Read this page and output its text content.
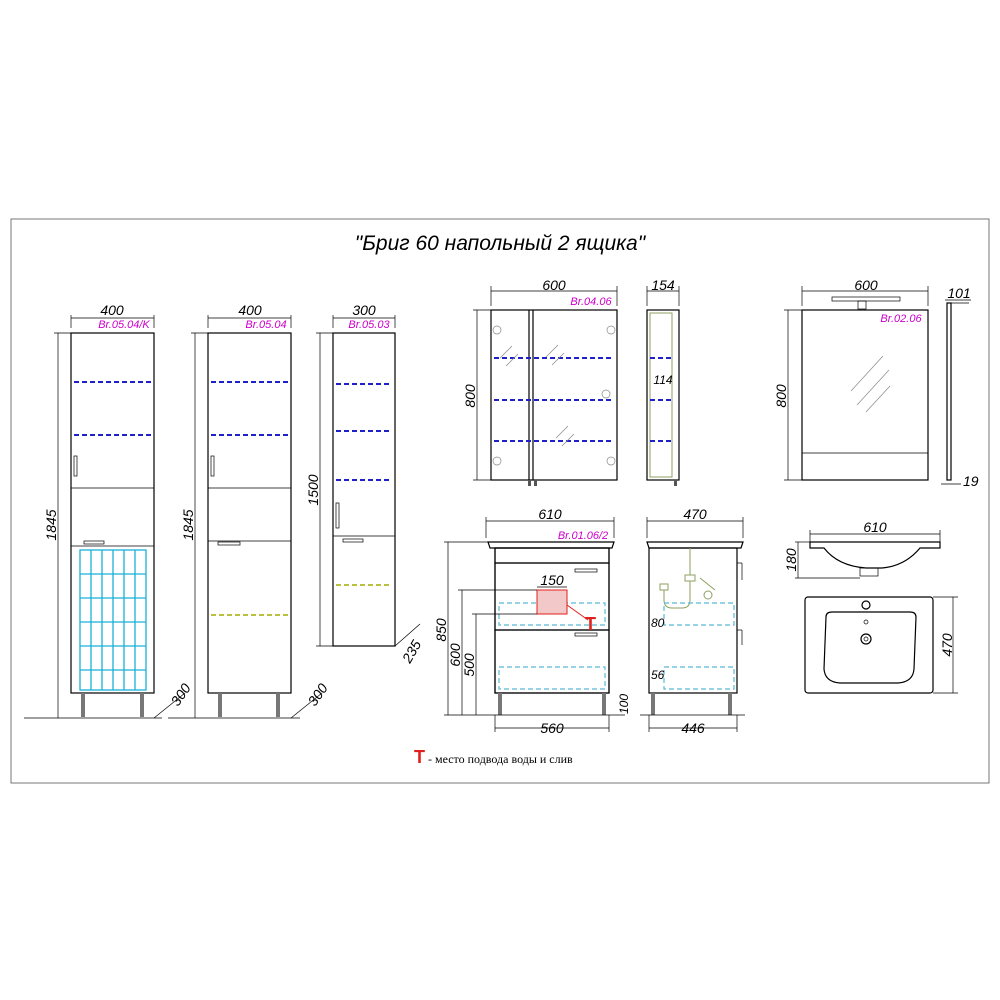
"Бриг 60 напольный 2 ящика"
400
Br.05.04/K
1845
300
400
Br.05.04
1845
300
300
Br.05.03
1500
235
600
Br.04.06
800
154
114
600
Br.02.06
800
101
19
610
Br.01.06/2
150
T
850
600
500
560
100
470
80
56
446
610
180
470
T - место подвода воды и слив
